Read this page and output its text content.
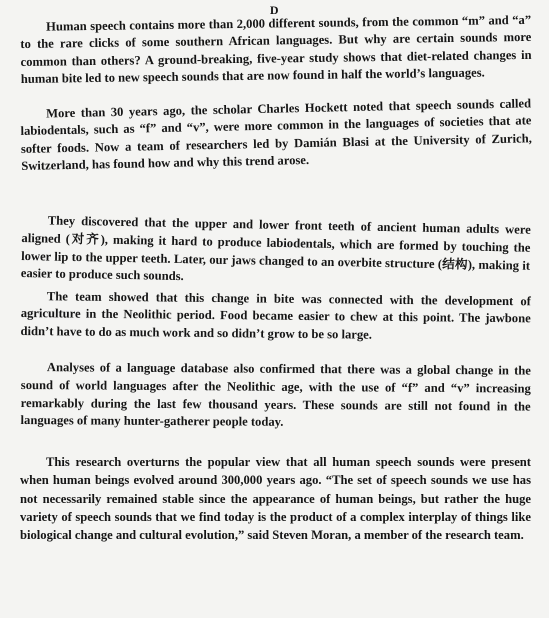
D

Human speech contains more than 2,000 different sounds, from the common “m” and “a” to the rare clicks of some southern African languages. But why are certain sounds more common than others? A ground-breaking, five-year study shows that diet-related changes in human bite led to new speech sounds that are now found in half the world’s languages.

More than 30 years ago, the scholar Charles Hockett noted that speech sounds called labiodentals, such as “f” and “v”, were more common in the languages of societies that ate softer foods. Now a team of researchers led by Damián Blasi at the University of Zurich, Switzerland, has found how and why this trend arose.

They discovered that the upper and lower front teeth of ancient human adults were aligned (对齐), making it hard to produce labiodentals, which are formed by touching the lower lip to the upper teeth. Later, our jaws changed to an overbite structure (结构), making it easier to produce such sounds.

The team showed that this change in bite was connected with the development of agriculture in the Neolithic period. Food became easier to chew at this point. The jawbone didn’t have to do as much work and so didn’t grow to be so large.

Analyses of a language database also confirmed that there was a global change in the sound of world languages after the Neolithic age, with the use of “f” and “v” increasing remarkably during the last few thousand years. These sounds are still not found in the languages of many hunter-gatherer people today.

This research overturns the popular view that all human speech sounds were present when human beings evolved around 300,000 years ago. “The set of speech sounds we use has not necessarily remained stable since the appearance of human beings, but rather the huge variety of speech sounds that we find today is the product of a complex interplay of things like biological change and cultural evolution,” said Steven Moran, a member of the research team.
